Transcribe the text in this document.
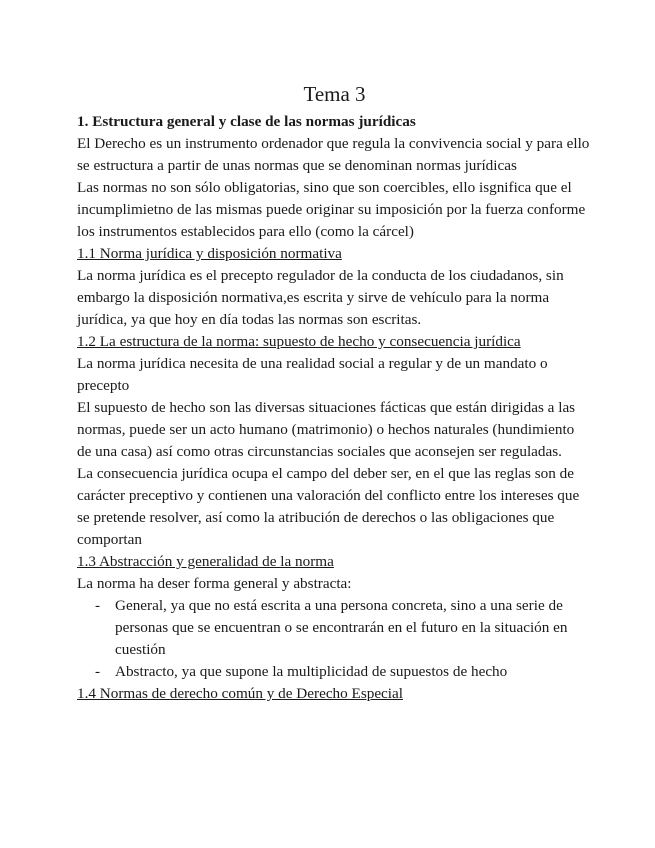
Tema 3

1. Estructura general y clase de las normas jurídicas

El Derecho es un instrumento ordenador que regula la convivencia social y para ello se estructura a partir de unas normas que se denominan normas jurídicas

Las normas no son sólo obligatorias, sino que son coercibles, ello isgnifica que el incumplimietno de las mismas puede originar su imposición por la fuerza conforme los instrumentos establecidos para ello (como la cárcel)

1.1 Norma jurídica y disposición normativa

La norma jurídica es el precepto regulador de la conducta de los ciudadanos, sin embargo la disposición normativa,es escrita y sirve de vehículo para la norma jurídica, ya que hoy en día todas las normas son escritas.

1.2 La estructura de la norma: supuesto de hecho y consecuencia jurídica

La norma jurídica necesita de una realidad social a regular y de un mandato o precepto

El supuesto de hecho son las diversas situaciones fácticas que están dirigidas a las normas, puede ser un acto humano (matrimonio) o hechos naturales (hundimiento de una casa) así como otras circunstancias sociales que aconsejen ser reguladas.

La consecuencia jurídica ocupa el campo del deber ser, en el que las reglas son de carácter preceptivo y contienen una valoración del conflicto entre los intereses que se pretende resolver, así como la atribución de derechos o las obligaciones que comportan

1.3 Abstracción y generalidad de la norma

La norma ha deser forma general y abstracta:

- General, ya que no está escrita a una persona concreta, sino a una serie de personas que se encuentran o se encontrarán en el futuro en la situación en cuestión
- Abstracto, ya que supone la multiplicidad de supuestos de hecho

1.4 Normas de derecho común y de Derecho Especial
